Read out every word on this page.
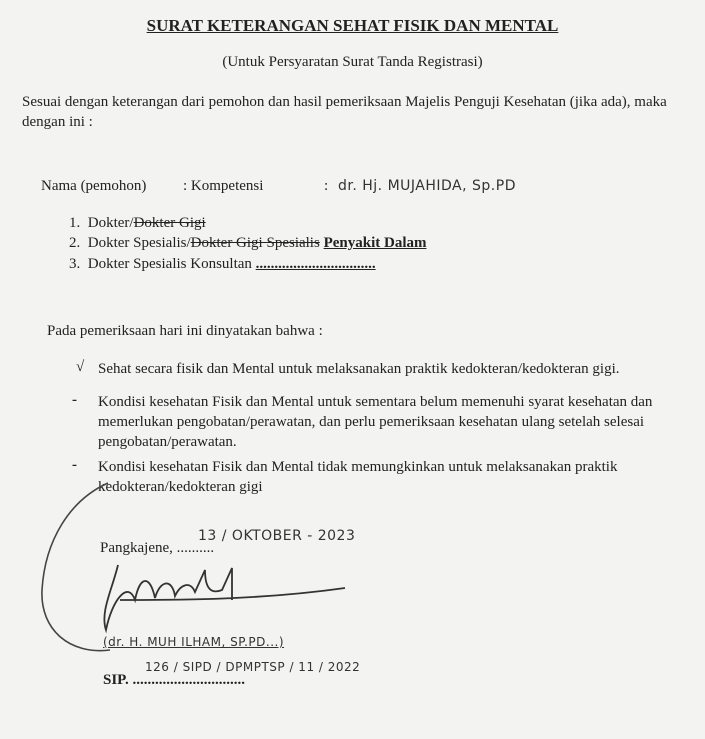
SURAT KETERANGAN SEHAT FISIK DAN MENTAL
(Untuk Persyaratan Surat Tanda Registrasi)
Sesuai dengan keterangan dari pemohon dan hasil pemeriksaan Majelis Penguji Kesehatan (jika ada), maka dengan ini :
Nama (pemohon) : Kompetensi	: dr. Hj. MUJAHIDA, Sp.PD
1. Dokter/Dokter Gigi
2. Dokter Spesialis/Dokter Gigi Spesialis Penyakit Dalam
3. Dokter Spesialis Konsultan ................................
Pada pemeriksaan hari ini dinyatakan bahwa :
√ Sehat secara fisik dan Mental untuk melaksanakan praktik kedokteran/kedokteran gigi.
- Kondisi kesehatan Fisik dan Mental untuk sementara belum memenuhi syarat kesehatan dan memerlukan pengobatan/perawatan, dan perlu pemeriksaan kesehatan ulang setelah selesai pengobatan/perawatan.
- Kondisi kesehatan Fisik dan Mental tidak memungkinkan untuk melaksanakan praktik kedokteran/kedokteran gigi
Pangkajene, ..........
13 / OKTOBER - 2023
(dr. H. MUH ILHAM, SP.PD...)
SIP. ..............................
126 / SIPD / DPMPTSP / 11 / 2022
